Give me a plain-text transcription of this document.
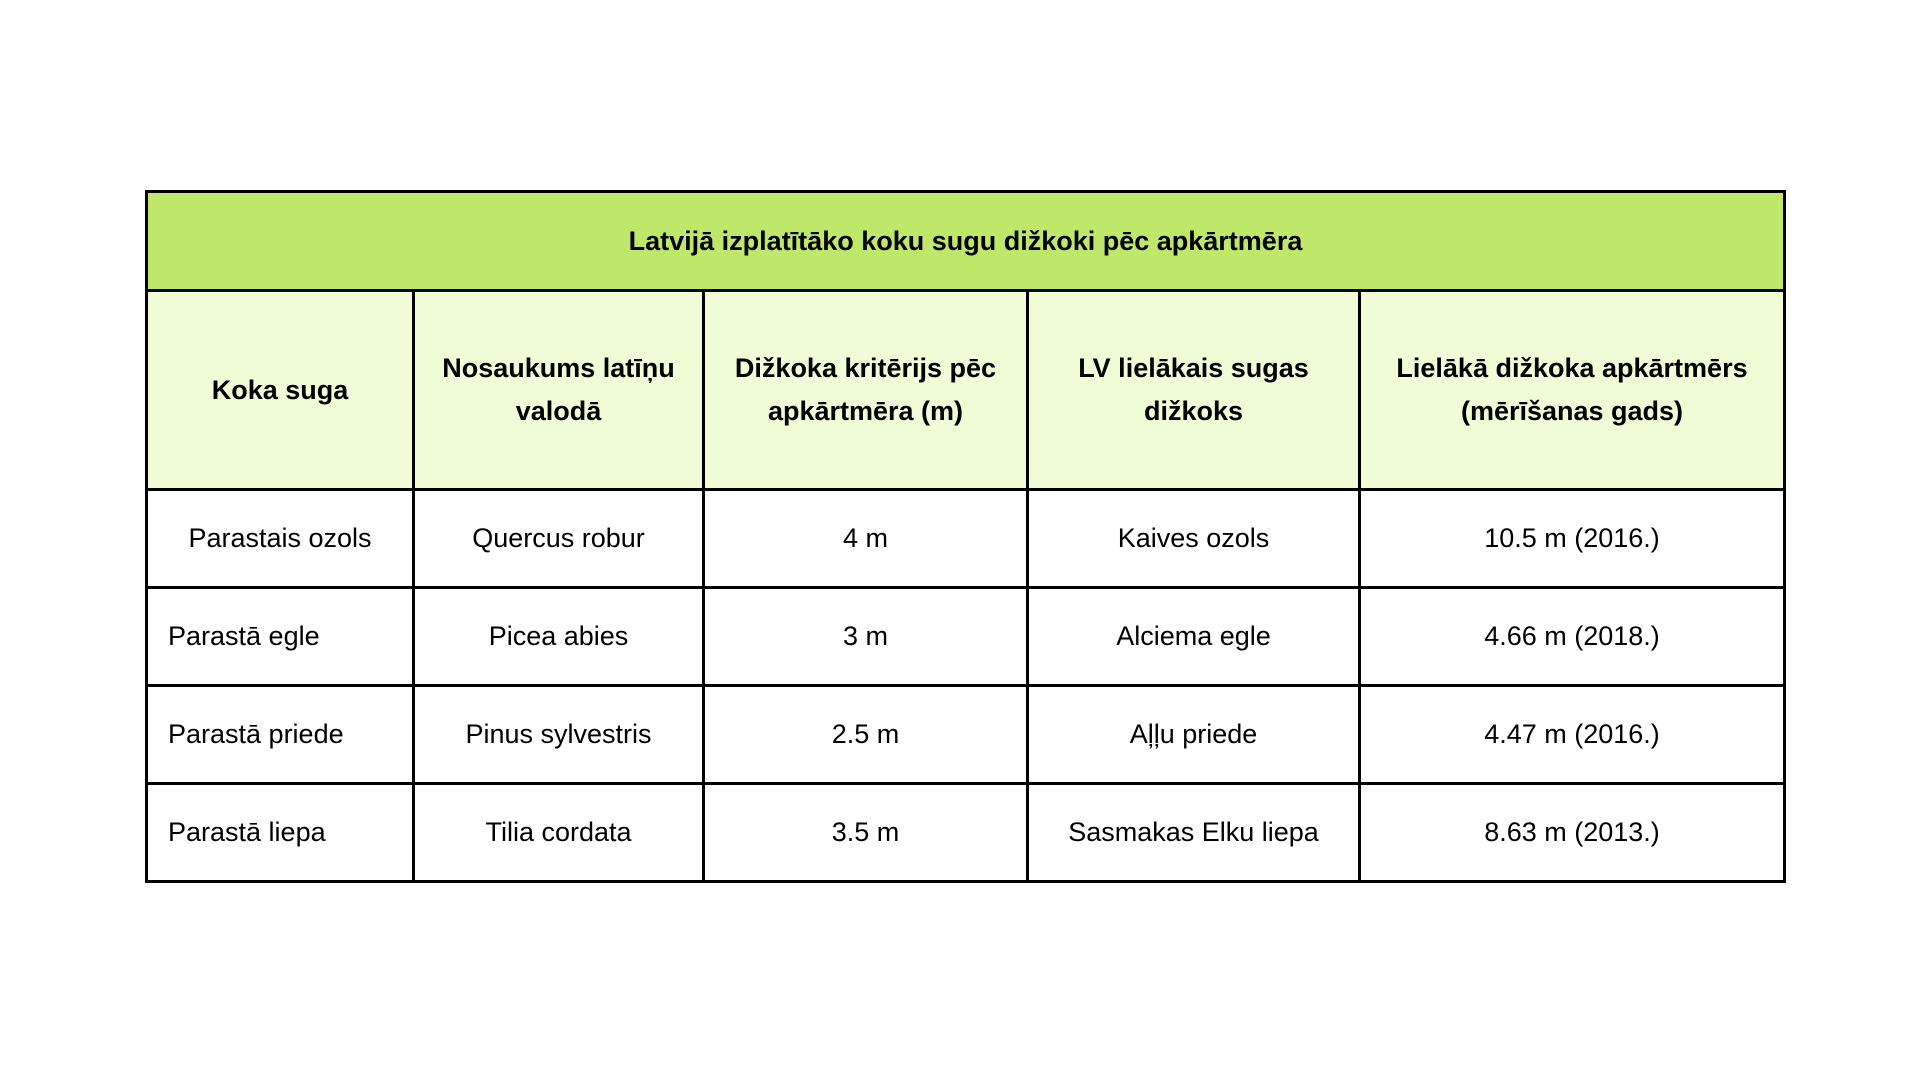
Latvijā izplatītāko koku sugu dižkoki pēc apkārtmēra				
Koka suga	Nosaukums latīņu valodā	Dižkoka kritērijs pēc apkārtmēra (m)	LV lielākais sugas dižkoks	Lielākā dižkoka apkārtmērs (mērīšanas gads)
Parastais ozols	Quercus robur	4 m	Kaives ozols	10.5 m (2016.)
Parastā egle	Picea abies	3 m	Alciema egle	4.66 m (2018.)
Parastā priede	Pinus sylvestris	2.5 m	Aļļu priede	4.47 m (2016.)
Parastā liepa	Tilia cordata	3.5 m	Sasmakas Elku liepa	8.63 m (2013.)
